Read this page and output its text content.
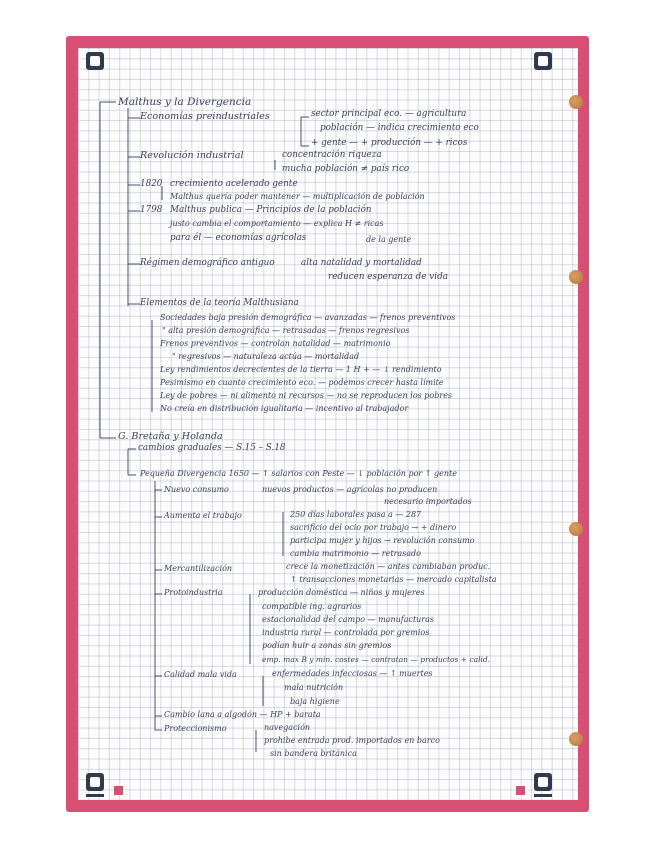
Malthus y la Divergencia
Economías preindustriales	sector principal eco. — agricultura
población — indica crecimiento eco
+ gente — + producción — + ricos
Revolución industrial	concentración riqueza
mucha población ≠ país rico
1820 crecimiento acelerado gente
Malthus quería poder mantener — multiplicación de población
1798 Malthus publica — Principios de la población
justo cambia el comportamiento — explica H ≠ ricas
para él — economías agrícolas	de la gente
Régimen demográfico antiguo	alta natalidad y mortalidad
reducen esperanza de vida
Elementos de la teoría Malthusiana
Sociedades baja presión demográfica — avanzadas — frenos preventivos
" alta presión demográfica — retrasadas — frenos regresivos
Frenos preventivos — controlan natalidad — matrimonio
" regresivos — naturaleza actúa — mortalidad
Ley rendimientos decrecientes de la tierra — 1 H + — ↓ rendimiento
Pesimismo en cuanto crecimiento eco. — podemos crecer hasta límite
Ley de pobres — ni alimento ni recursos — no se reproducen los pobres
No creía en distribución igualitaria — incentivo al trabajador
G. Bretaña y Holanda
cambios graduales — S.15 – S.18
Pequeña Divergencia 1650 — ↑ salarios con Peste — ↓ población por ↑ gente
Nuevo consumo	nuevos productos — agrícolas no producen
necesario importados
Aumenta el trabajo	250 días laborales pasa a — 287
sacrificio del ocio por trabajo → + dinero
participa mujer y hijos → revolución consumo
cambia matrimonio — retrasado
Mercantilización	crece la monetización — antes cambiaban produc.
↑ transacciones monetarias — mercado capitalista
Protoindustria	producción doméstica — niños y mujeres
compatible ing. agrarios
estacionalidad del campo — manufacturas
industria rural — controlada por gremios
podían huir a zonas sin gremios
emp. max B y min. costes — contratan — productos + calid.
Calidad mala vida	enfermedades infecciosas — ↑ muertes
mala nutrición
baja higiene
Cambio lana a algodón — HP + barata
Proteccionismo	navegación
prohibe entrada prod. importados en barco
sin bandera británica
